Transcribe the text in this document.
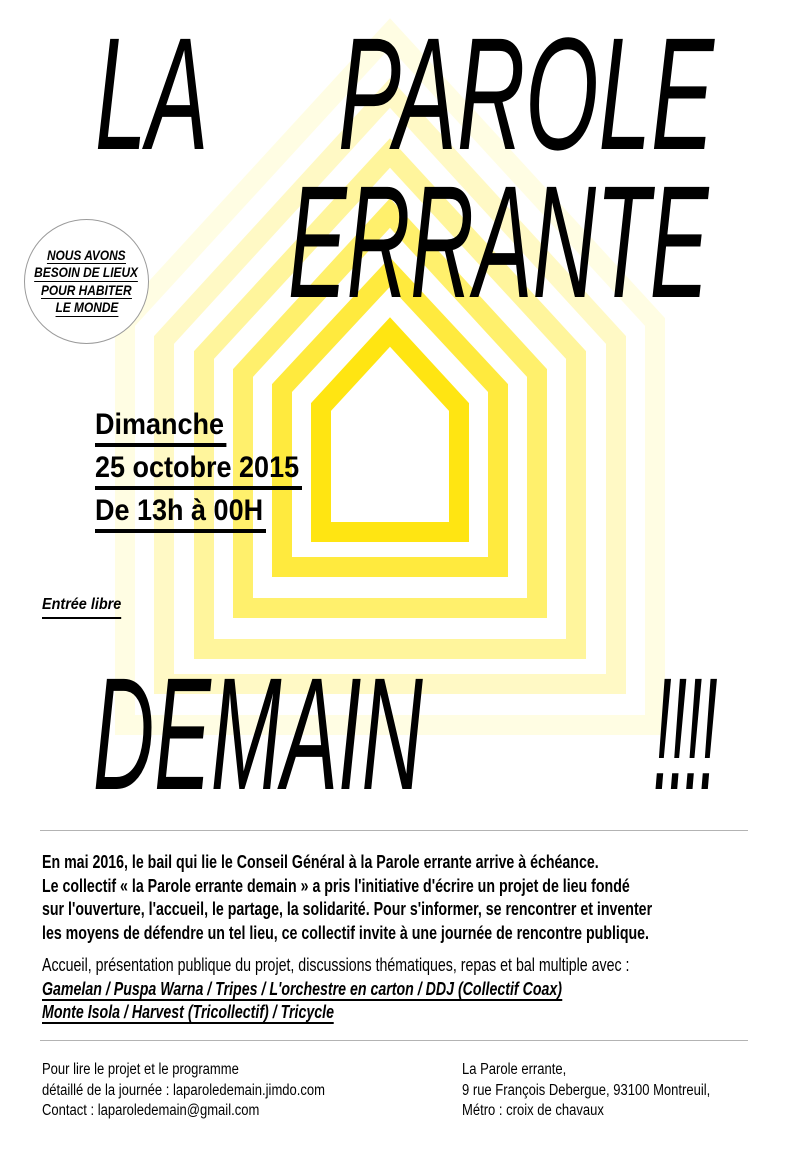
NOUS AVONS
BESOIN DE LIEUX
POUR HABITER
LE MONDE
LA PAROLE
ERRANTE
DEMAIN	!!!!
Dimanche
25 octobre 2015
De 13h à 00H
Entrée libre
En mai 2016, le bail qui lie le Conseil Général à la Parole errante arrive à échéance.
Le collectif « la Parole errante demain » a pris l'initiative d'écrire un projet de lieu fondé
sur l'ouverture, l'accueil, le partage, la solidarité. Pour s'informer, se rencontrer et inventer
les moyens de défendre un tel lieu, ce collectif invite à une journée de rencontre publique.
Accueil, présentation publique du projet, discussions thématiques, repas et bal multiple avec :
Gamelan / Puspa Warna / Tripes / L'orchestre en carton / DDJ (Collectif Coax)
Monte Isola / Harvest (Tricollectif) / Tricycle
Pour lire le projet et le programme
détaillé de la journée : laparoledemain.jimdo.com
Contact : laparoledemain@gmail.com
La Parole errante,
9 rue François Debergue, 93100 Montreuil,
Métro : croix de chavaux
